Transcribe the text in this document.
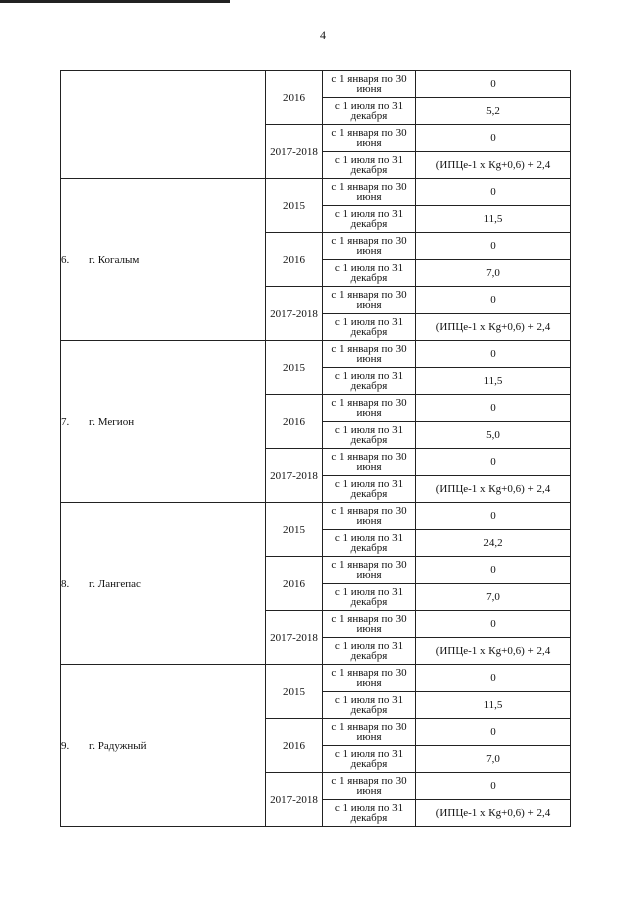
4
	2016	с 1 января по 30 июня	0
		с 1 июля по 31 декабря	5,2
	2017-2018	с 1 января по 30 июня	0
		с 1 июля по 31 декабря	(ИПЦе-1 х Кg+0,6) + 2,4
6. г. Когалым	2015	с 1 января по 30 июня	0
		с 1 июля по 31 декабря	11,5
	2016	с 1 января по 30 июня	0
		с 1 июля по 31 декабря	7,0
	2017-2018	с 1 января по 30 июня	0
		с 1 июля по 31 декабря	(ИПЦе-1 х Кg+0,6) + 2,4
7. г. Мегион	2015	с 1 января по 30 июня	0
		с 1 июля по 31 декабря	11,5
	2016	с 1 января по 30 июня	0
		с 1 июля по 31 декабря	5,0
	2017-2018	с 1 января по 30 июня	0
		с 1 июля по 31 декабря	(ИПЦе-1 х Кg+0,6) + 2,4
8. г. Лангепас	2015	с 1 января по 30 июня	0
		с 1 июля по 31 декабря	24,2
	2016	с 1 января по 30 июня	0
		с 1 июля по 31 декабря	7,0
	2017-2018	с 1 января по 30 июня	0
		с 1 июля по 31 декабря	(ИПЦе-1 х Кg+0,6) + 2,4
9. г. Радужный	2015	с 1 января по 30 июня	0
		с 1 июля по 31 декабря	11,5
	2016	с 1 января по 30 июня	0
		с 1 июля по 31 декабря	7,0
	2017-2018	с 1 января по 30 июня	0
		с 1 июля по 31 декабря	(ИПЦе-1 х Кg+0,6) + 2,4
